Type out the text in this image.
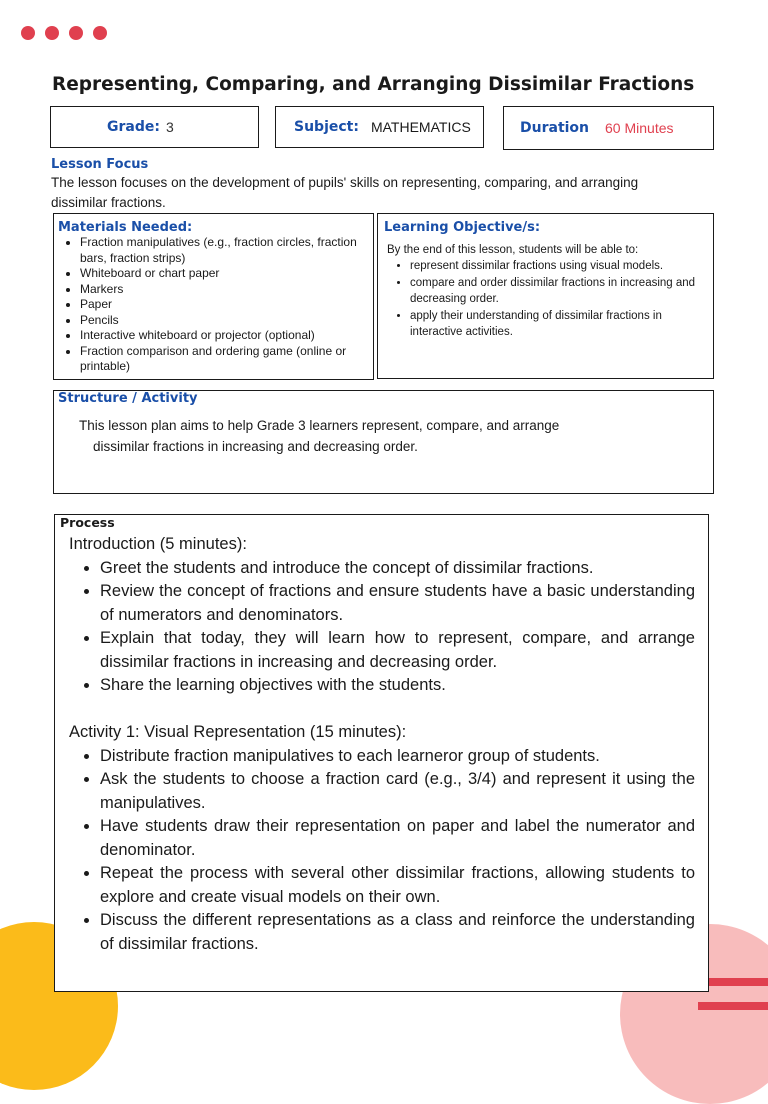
Representing, Comparing, and Arranging Dissimilar Fractions
Grade: 3	Subject: MATHEMATICS	Duration 60 Minutes
Lesson Focus
The lesson focuses on the development of pupils' skills on representing, comparing, and arranging dissimilar fractions.
Materials Needed:
• Fraction manipulatives (e.g., fraction circles, fraction bars, fraction strips)
• Whiteboard or chart paper
• Markers
• Paper
• Pencils
• Interactive whiteboard or projector (optional)
• Fraction comparison and ordering game (online or printable)
Learning Objective/s:
By the end of this lesson, students will be able to:
• represent dissimilar fractions using visual models.
• compare and order dissimilar fractions in increasing and decreasing order.
• apply their understanding of dissimilar fractions in interactive activities.
Structure / Activity
This lesson plan aims to help Grade 3 learners represent, compare, and arrange
dissimilar fractions in increasing and decreasing order.
Process
Introduction (5 minutes):
• Greet the students and introduce the concept of dissimilar fractions.
• Review the concept of fractions and ensure students have a basic understanding of numerators and denominators.
• Explain that today, they will learn how to represent, compare, and arrange dissimilar fractions in increasing and decreasing order.
• Share the learning objectives with the students.
Activity 1: Visual Representation (15 minutes):
• Distribute fraction manipulatives to each learneror group of students.
• Ask the students to choose a fraction card (e.g., 3/4) and represent it using the manipulatives.
• Have students draw their representation on paper and label the numerator and denominator.
• Repeat the process with several other dissimilar fractions, allowing students to explore and create visual models on their own.
• Discuss the different representations as a class and reinforce the understanding of dissimilar fractions.
